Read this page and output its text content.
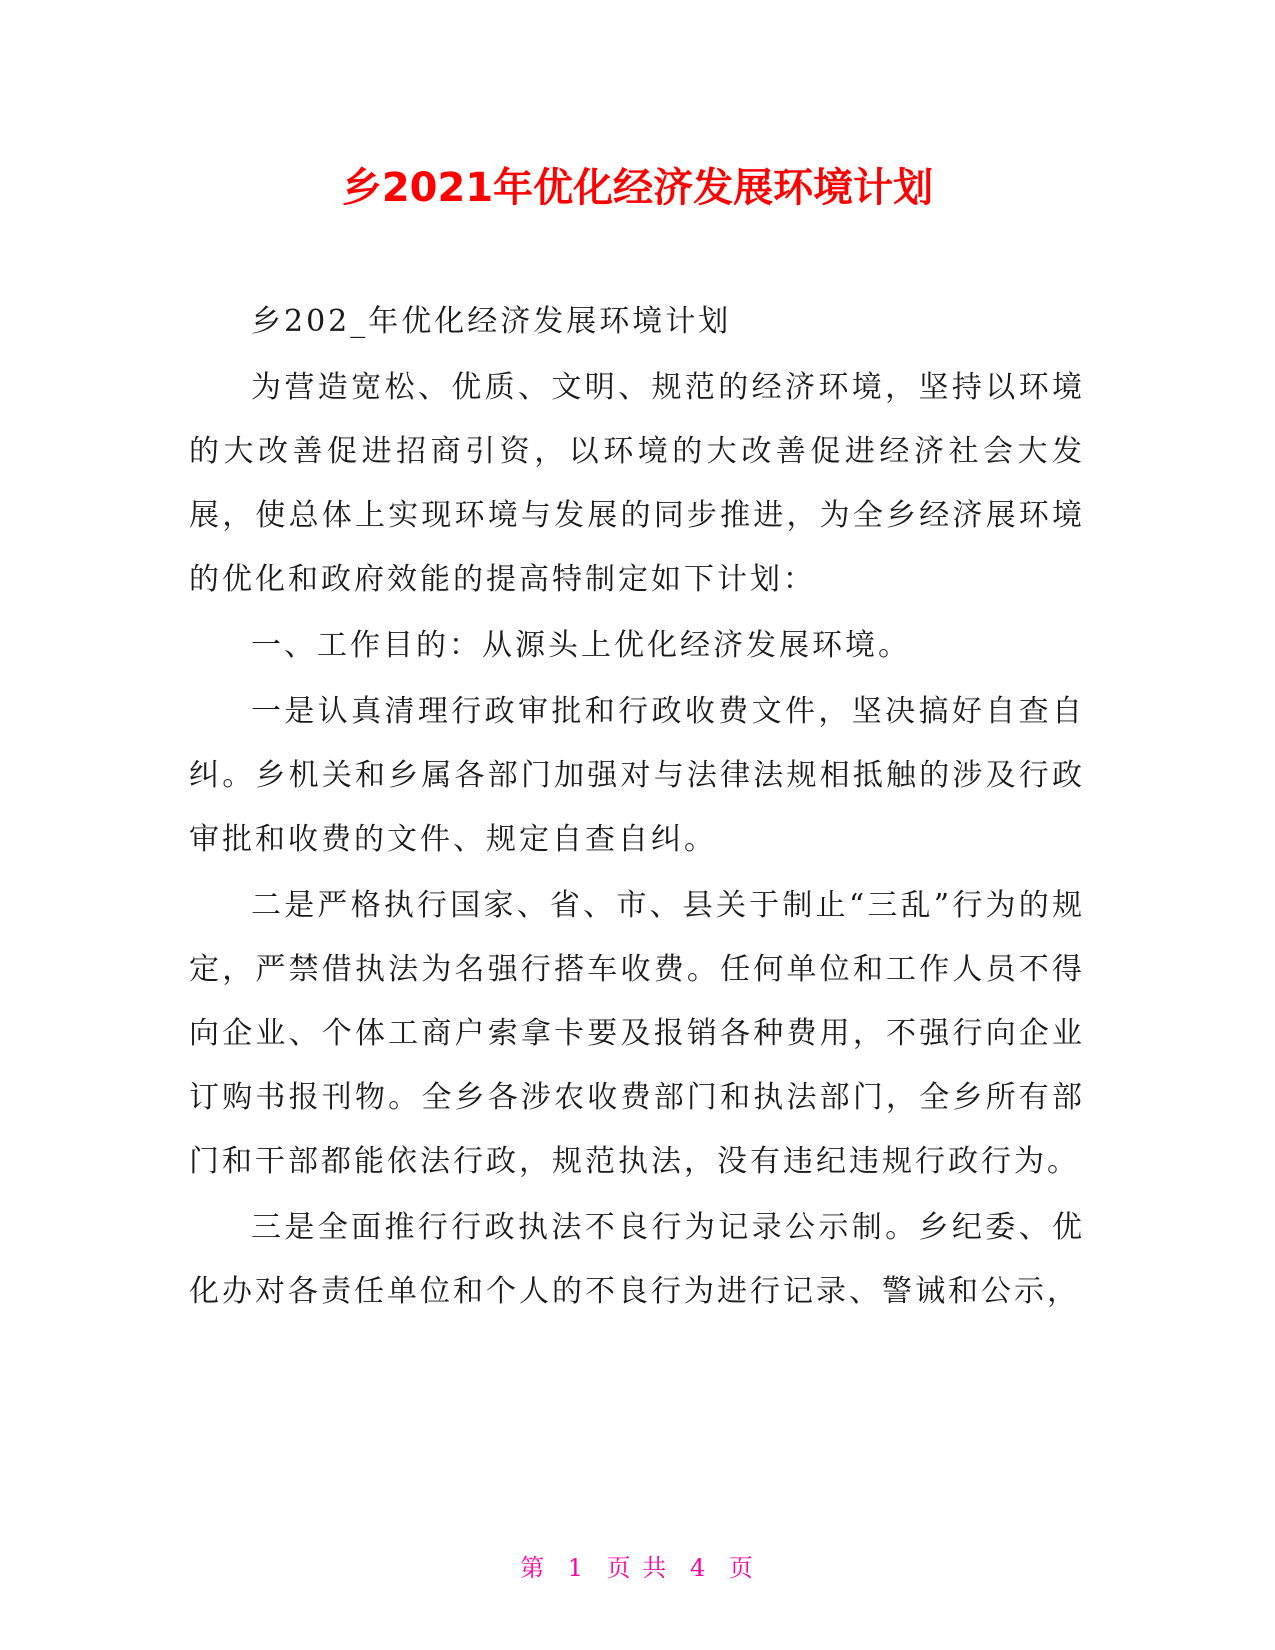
乡2021年优化经济发展环境计划

乡202_年优化经济发展环境计划

为营造宽松、优质、文明、规范的经济环境，坚持以环境的大改善促进招商引资，以环境的大改善促进经济社会大发展，使总体上实现环境与发展的同步推进，为全乡经济展环境的优化和政府效能的提高特制定如下计划：

一、工作目的：从源头上优化经济发展环境。

一是认真清理行政审批和行政收费文件，坚决搞好自查自纠。乡机关和乡属各部门加强对与法律法规相抵触的涉及行政审批和收费的文件、规定自查自纠。

二是严格执行国家、省、市、县关于制止“三乱”行为的规定，严禁借执法为名强行搭车收费。任何单位和工作人员不得向企业、个体工商户索拿卡要及报销各种费用，不强行向企业订购书报刊物。全乡各涉农收费部门和执法部门，全乡所有部门和干部都能依法行政，规范执法，没有违纪违规行政行为。

三是全面推行行政执法不良行为记录公示制。乡纪委、优化办对各责任单位和个人的不良行为进行记录、警诫和公示，

第 1 页 共 4 页
